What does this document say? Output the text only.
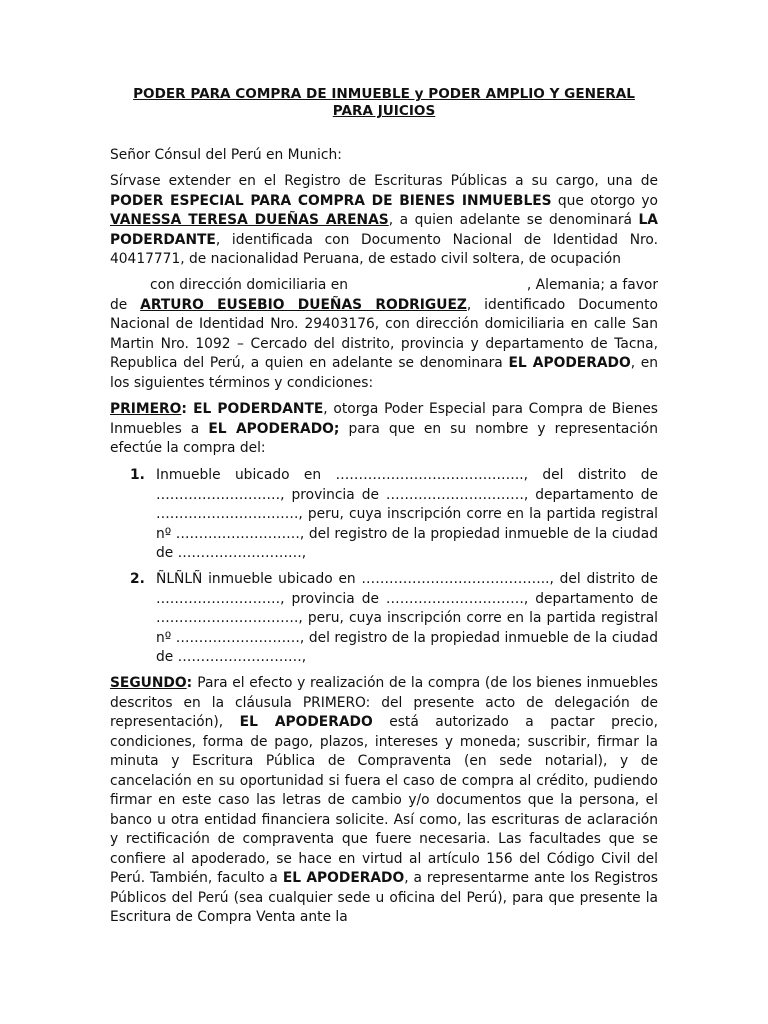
PODER PARA COMPRA DE INMUEBLE y PODER AMPLIO Y GENERAL
PARA JUICIOS
Señor Cónsul del Perú en Munich:
Sírvase extender en el Registro de Escrituras Públicas a su cargo, una de PODER ESPECIAL PARA COMPRA DE BIENES INMUEBLES que otorgo yo VANESSA TERESA DUEÑAS ARENAS, a quien adelante se denominará LA PODERDANTE, identificada con Documento Nacional de Identidad Nro. 40417771, de nacionalidad Peruana, de estado civil soltera, de ocupación
con dirección domiciliaria en	, Alemania; a favor de ARTURO EUSEBIO DUEÑAS RODRIGUEZ, identificado Documento Nacional de Identidad Nro. 29403176, con dirección domiciliaria en calle San Martin Nro. 1092 – Cercado del distrito, provincia y departamento de Tacna, Republica del Perú, a quien en adelante se denominara EL APODERADO, en los siguientes términos y condiciones:
PRIMERO: EL PODERDANTE, otorga Poder Especial para Compra de Bienes Inmuebles a EL APODERADO; para que en su nombre y representación efectúe la compra del:
1. Inmueble ubicado en ………………………………….., del distrito de ………………………, provincia de …………………………, departamento de …………………………., peru, cuya inscripción corre en la partida registral nº ………………………, del registro de la propiedad inmueble de la ciudad de ………………………,
2. ÑLÑLÑ inmueble ubicado en ………………………………….., del distrito de ………………………, provincia de …………………………, departamento de …………………………., peru, cuya inscripción corre en la partida registral nº ………………………, del registro de la propiedad inmueble de la ciudad de ………………………,
SEGUNDO: Para el efecto y realización de la compra (de los bienes inmuebles descritos en la cláusula PRIMERO: del presente acto de delegación de representación), EL APODERADO está autorizado a pactar precio, condiciones, forma de pago, plazos, intereses y moneda; suscribir, firmar la minuta y Escritura Pública de Compraventa (en sede notarial), y de cancelación en su oportunidad si fuera el caso de compra al crédito, pudiendo firmar en este caso las letras de cambio y/o documentos que la persona, el banco u otra entidad financiera solicite. Así como, las escrituras de aclaración y rectificación de compraventa que fuere necesaria. Las facultades que se confiere al apoderado, se hace en virtud al artículo 156 del Código Civil del Perú. También, faculto a EL APODERADO, a representarme ante los Registros Públicos del Perú (sea cualquier sede u oficina del Perú), para que presente la Escritura de Compra Venta ante la
